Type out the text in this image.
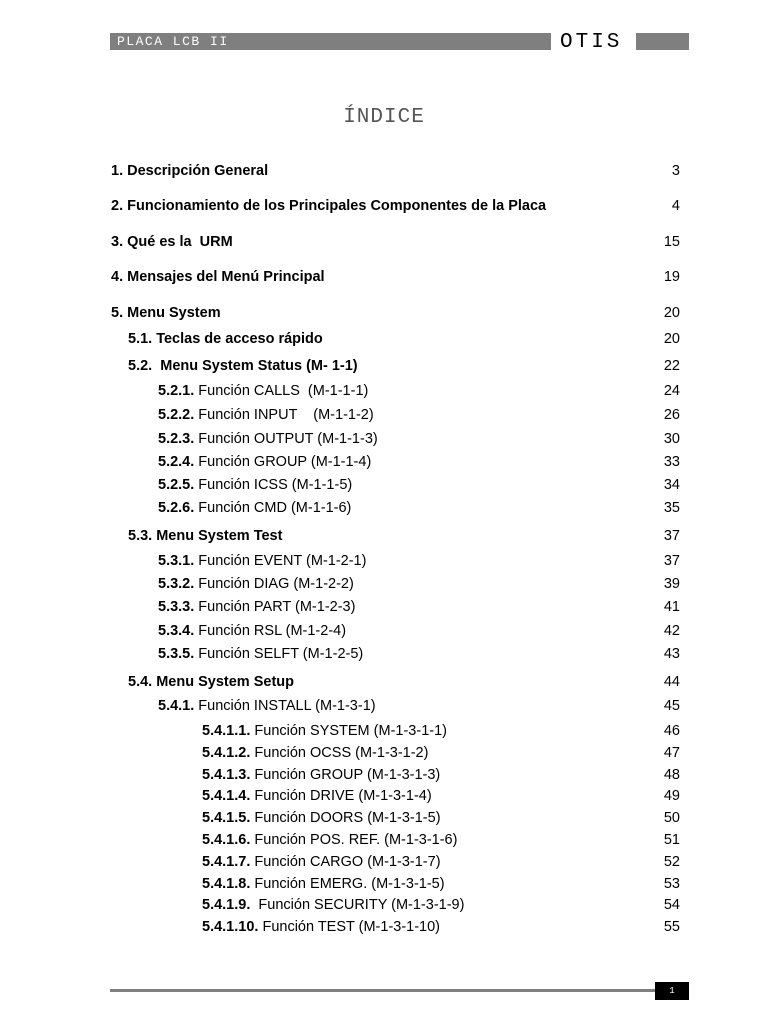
PLACA LCB II	OTIS
ÍNDICE
1. Descripción General	3
2. Funcionamiento de los Principales Componentes de la Placa	4
3. Qué es la  URM	15
4. Mensajes del Menú Principal	19
5. Menu System	20
5.1. Teclas de acceso rápido	20
5.2.  Menu System Status (M- 1-1)	22
5.2.1. Función CALLS  (M-1-1-1)	24
5.2.2. Función INPUT    (M-1-1-2)	26
5.2.3. Función OUTPUT (M-1-1-3)	30
5.2.4. Función GROUP (M-1-1-4)	33
5.2.5. Función ICSS (M-1-1-5)	34
5.2.6. Función CMD (M-1-1-6)	35
5.3. Menu System Test	37
5.3.1. Función EVENT (M-1-2-1)	37
5.3.2. Función DIAG (M-1-2-2)	39
5.3.3. Función PART (M-1-2-3)	41
5.3.4. Función RSL (M-1-2-4)	42
5.3.5. Función SELFT (M-1-2-5)	43
5.4. Menu System Setup	44
5.4.1. Función INSTALL (M-1-3-1)	45
5.4.1.1. Función SYSTEM (M-1-3-1-1)	46
5.4.1.2. Función OCSS (M-1-3-1-2)	47
5.4.1.3. Función GROUP (M-1-3-1-3)	48
5.4.1.4. Función DRIVE (M-1-3-1-4)	49
5.4.1.5. Función DOORS (M-1-3-1-5)	50
5.4.1.6. Función POS. REF. (M-1-3-1-6)	51
5.4.1.7. Función CARGO (M-1-3-1-7)	52
5.4.1.8. Función EMERG. (M-1-3-1-5)	53
5.4.1.9.  Función SECURITY (M-1-3-1-9)	54
5.4.1.10. Función TEST (M-1-3-1-10)	55
1
